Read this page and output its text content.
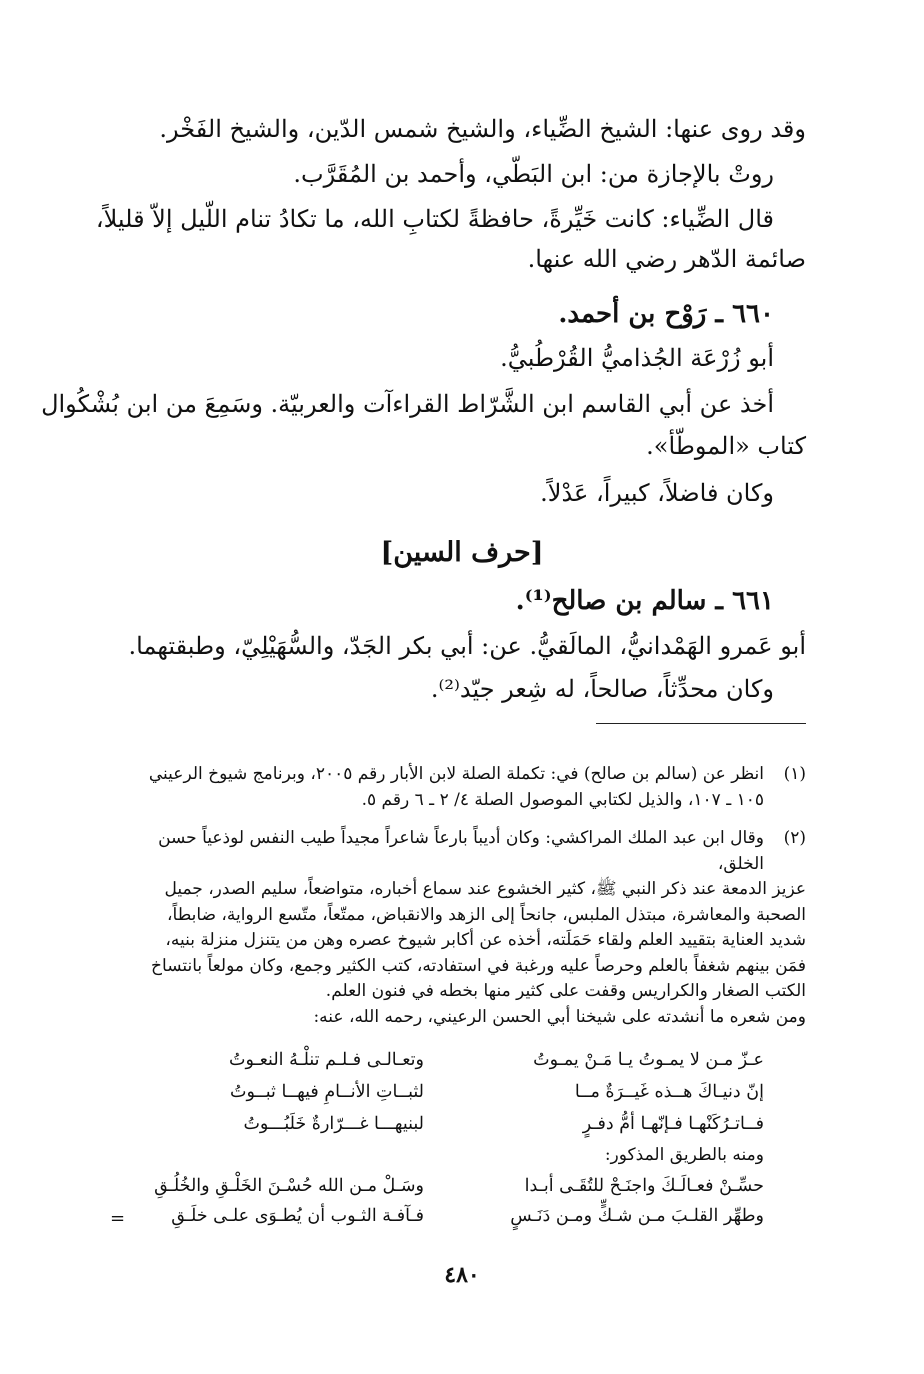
وقد روى عنها: الشيخ الضِّياء، والشيخ شمس الدّين، والشيخ الفَخْر.
روتْ بالإجازة من: ابن البَطّي، وأحمد بن المُقَرَّب.
قال الضِّياء: كانت خَيِّرةً، حافظةً لكتابِ الله، ما تكادُ تنام اللّيل إلاّ قليلاً،
صائمة الدّهر رضي الله عنها.
٦٦٠ ـ رَوْح بن أحمد.
أبو زُرْعَة الجُذاميُّ القُرْطُبيُّ.
أخذ عن أبي القاسم ابن الشَّرّاط القراءآت والعربيّة. وسَمِعَ من ابن بُشْكُوال
كتاب «الموطّأ».
وكان فاضلاً، كبيراً، عَدْلاً.
[حرف السين]
٦٦١ ـ سالم بن صالح⁽¹⁾.
أبو عَمرو الهَمْدانيُّ، المالَقيُّ. عن: أبي بكر الجَدّ، والسُّهَيْلِيّ، وطبقتهما.
وكان محدِّثاً، صالحاً، له شِعر جيّد⁽²⁾.
(١)
انظر عن (سالم بن صالح) في: تكملة الصلة لابن الأبار رقم ٢٠٠٥، وبرنامج شيوخ الرعيني
١٠٥ ـ ١٠٧، والذيل لكتابي الموصول الصلة ٤/ ٢ ـ ٦ رقم ٥.
(٢)
وقال ابن عبد الملك المراكشي: وكان أديباً بارعاً شاعراً مجيداً طيب النفس لوذعياً حسن الخلق،
عزيز الدمعة عند ذكر النبي ﷺ، كثير الخشوع عند سماع أخباره، متواضعاً، سليم الصدر، جميل
الصحبة والمعاشرة، مبتذل الملبس، جانحاً إلى الزهد والانقباض، ممتّعاً، متّسع الرواية، ضابطاً،
شديد العناية بتقييد العلم ولقاء حَمَلَته، أخذه عن أكابر شيوخ عصره وهن من يتنزل منزلة بنيه،
فمَن بينهم شغفاً بالعلم وحرصاً عليه ورغبة في استفادته، كتب الكثير وجمع، وكان مولعاً بانتساخ
الكتب الصغار والكراريس وقفت على كثير منها بخطه في فنون العلم.
ومن شعره ما أنشدته على شيخنا أبي الحسن الرعيني، رحمه الله، عنه:
عـزّ مـن لا يمـوتُ يـا مَـنْ يمـوتُ
وتعـالـى فـلـم تنلْـهُ النعـوتُ
إنّ دنيـاكَ هــذه غَيــرَةٌ مــا
لثبــاتِ الأنــامِ فيهــا ثبــوتُ
فــاتـرُكَنْهـا فـإنّهـا أمُّ دفـرٍ
لبنيهـــا غـــرّارةٌ خَلَبُـــوتُ
ومنه بالطريق المذكور:
حسِّـنْ فعـالَـكَ واجنَـحْ للتُقَـى أبـدا
وسَـلْ مـن الله حُسْـنَ الخَلْـقِ والخُلُـقِ
وطهِّر القلـبَ مـن شـكٍّ ومـن دَنَـسٍ
فـآفـة الثـوب أن يُطـوَى علـى خلَـقِ
=
٤٨٠
